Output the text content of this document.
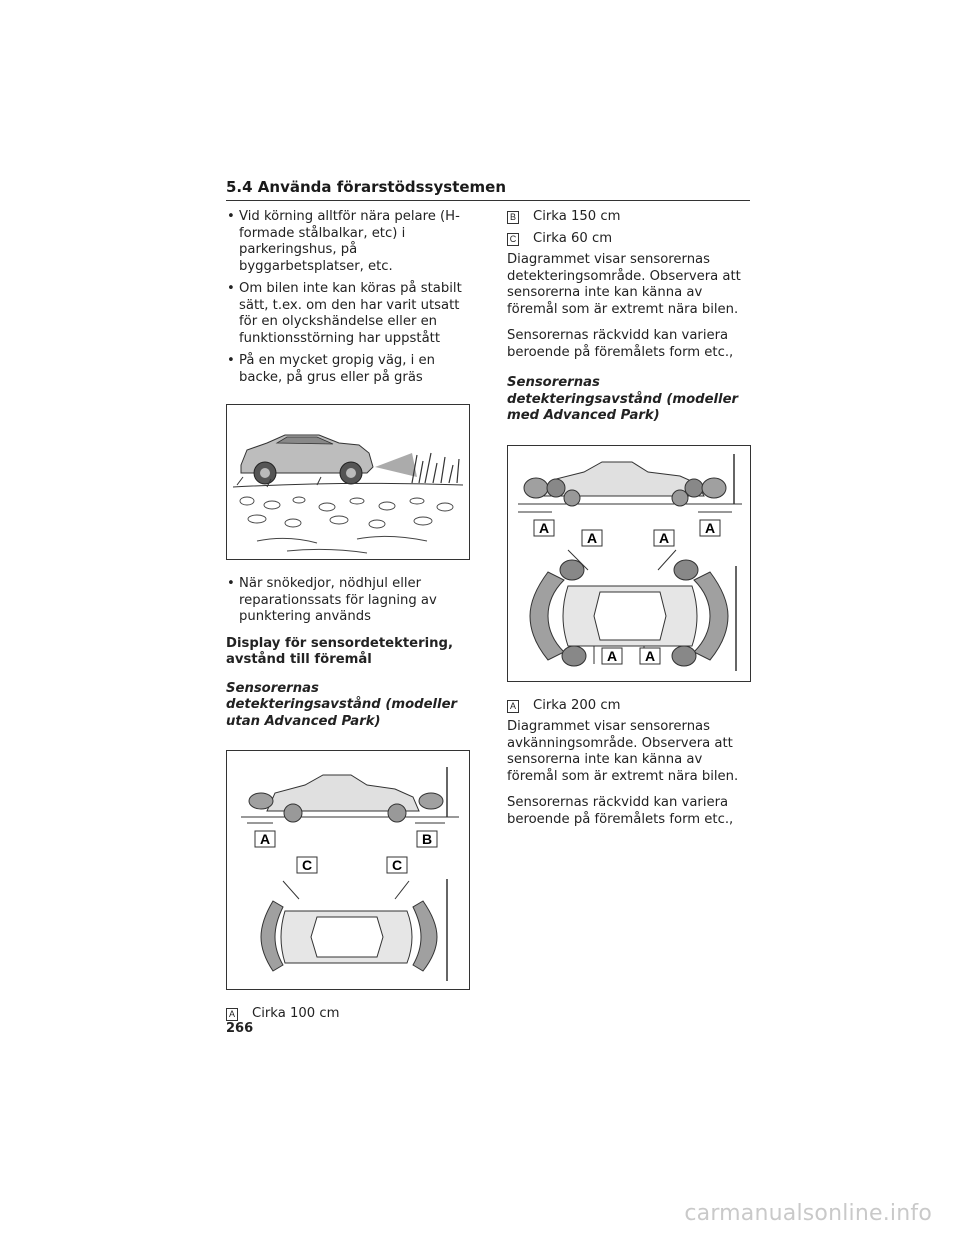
5.4 Använda förarstödssystemen
• Vid körning alltför nära pelare (H-formade stålbalkar, etc) i parkeringshus, på byggarbetsplatser, etc.
• Om bilen inte kan köras på stabilt sätt, t.ex. om den har varit utsatt för en olyckshändelse eller en funktionsstörning har uppstått
• På en mycket gropig väg, i en backe, på grus eller på gräs
• När snökedjor, nödhjul eller reparationssats för lagning av punktering används
Display för sensordetektering, avstånd till föremål
Sensorernas detekteringsavstånd (modeller utan Advanced Park)
A	B
C	C
A Cirka 100 cm
B Cirka 150 cm
C Cirka 60 cm

Diagrammet visar sensorernas detekteringsområde. Observera att sensorerna inte kan känna av föremål som är extremt nära bilen.

Sensorernas räckvidd kan variera beroende på föremålets form etc.,

Sensorernas detekteringsavstånd (modeller med Advanced Park)
A
A	A
A
A A
A Cirka 200 cm

Diagrammet visar sensorernas avkänningsområde. Observera att sensorerna inte kan känna av föremål som är extremt nära bilen.

Sensorernas räckvidd kan variera beroende på föremålets form etc.,

266
carmanualsonline.info
